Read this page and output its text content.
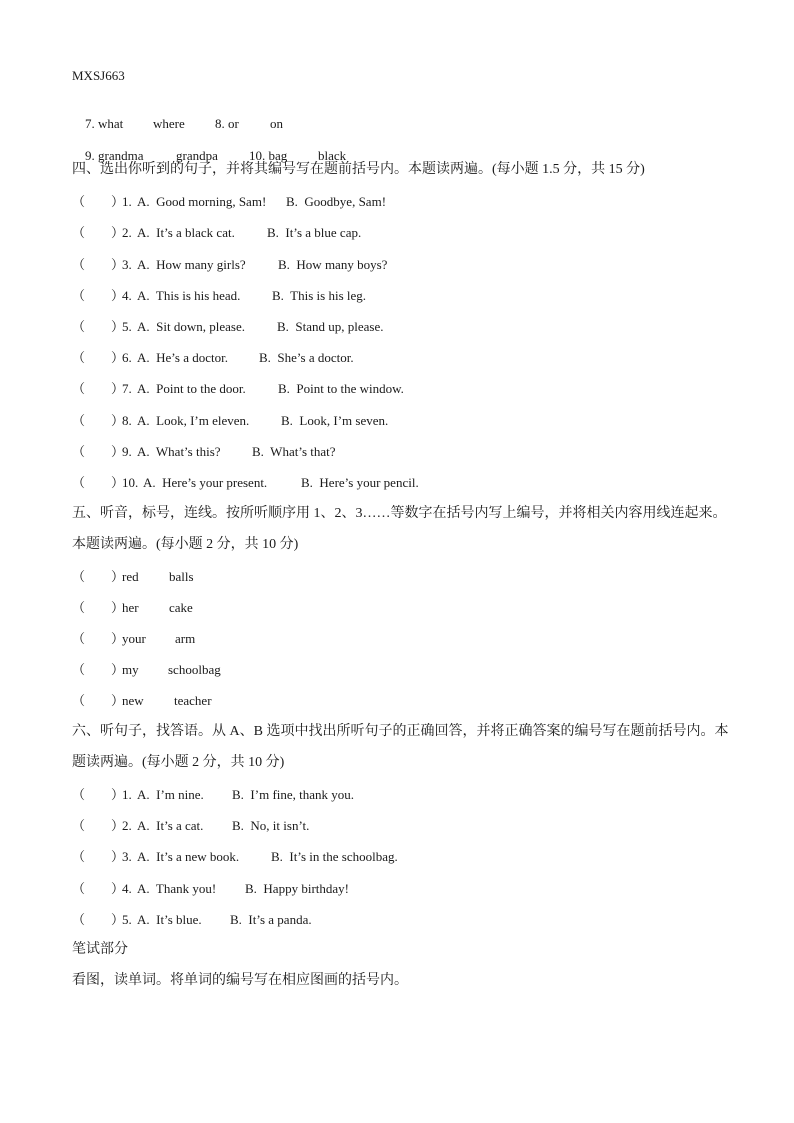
MXSJ663

7. what where 8. or on

9. grandma	grandpa 10. bag black

四、选出你听到的句子，并将其编号写在题前括号内。本题读两遍。(每小题 1.5 分，共 15 分)
（　　）1. A.  Good morning, Sam! B.  Goodbye, Sam!
（　　）2. A.  It’s a black cat. B.  It’s a blue cap.
（　　）3. A.  How many girls? B.  How many boys?
（　　）4. A.  This is his head. B.  This is his leg.
（　　）5. A.  Sit down, please. B.  Stand up, please.
（　　）6. A.  He’s a doctor. B.  She’s a doctor.
（　　）7. A.  Point to the door. B.  Point to the window.
（　　）8. A.  Look, I’m eleven. B.  Look, I’m seven.
（　　）9. A.  What’s this? B.  What’s that?
（　　）10. A.  Here’s your present.	B.  Here’s your pencil.
五、听音，标号，连线。按所听顺序用 1、2、3……等数字在括号内写上编号，并将相关内容用线连起来。
本题读两遍。(每小题 2 分，共 10 分)
（　　）red balls
（　　）her cake
（　　）your arm
（　　）my schoolbag
（　　）new teacher
六、听句子，找答语。从 A、B 选项中找出所听句子的正确回答，并将正确答案的编号写在题前括号内。本
题读两遍。(每小题 2 分，共 10 分)
（　　）1. A.  I’m nine. B.  I’m fine, thank you.
（　　）2. A.  It’s a cat. B.  No, it isn’t.
（　　）3. A.  It’s a new book. B.  It’s in the schoolbag.
（　　）4. A.  Thank you! B.  Happy birthday!
（　　）5. A.  It’s blue. B.  It’s a panda.
笔试部分
看图，读单词。将单词的编号写在相应图画的括号内。
